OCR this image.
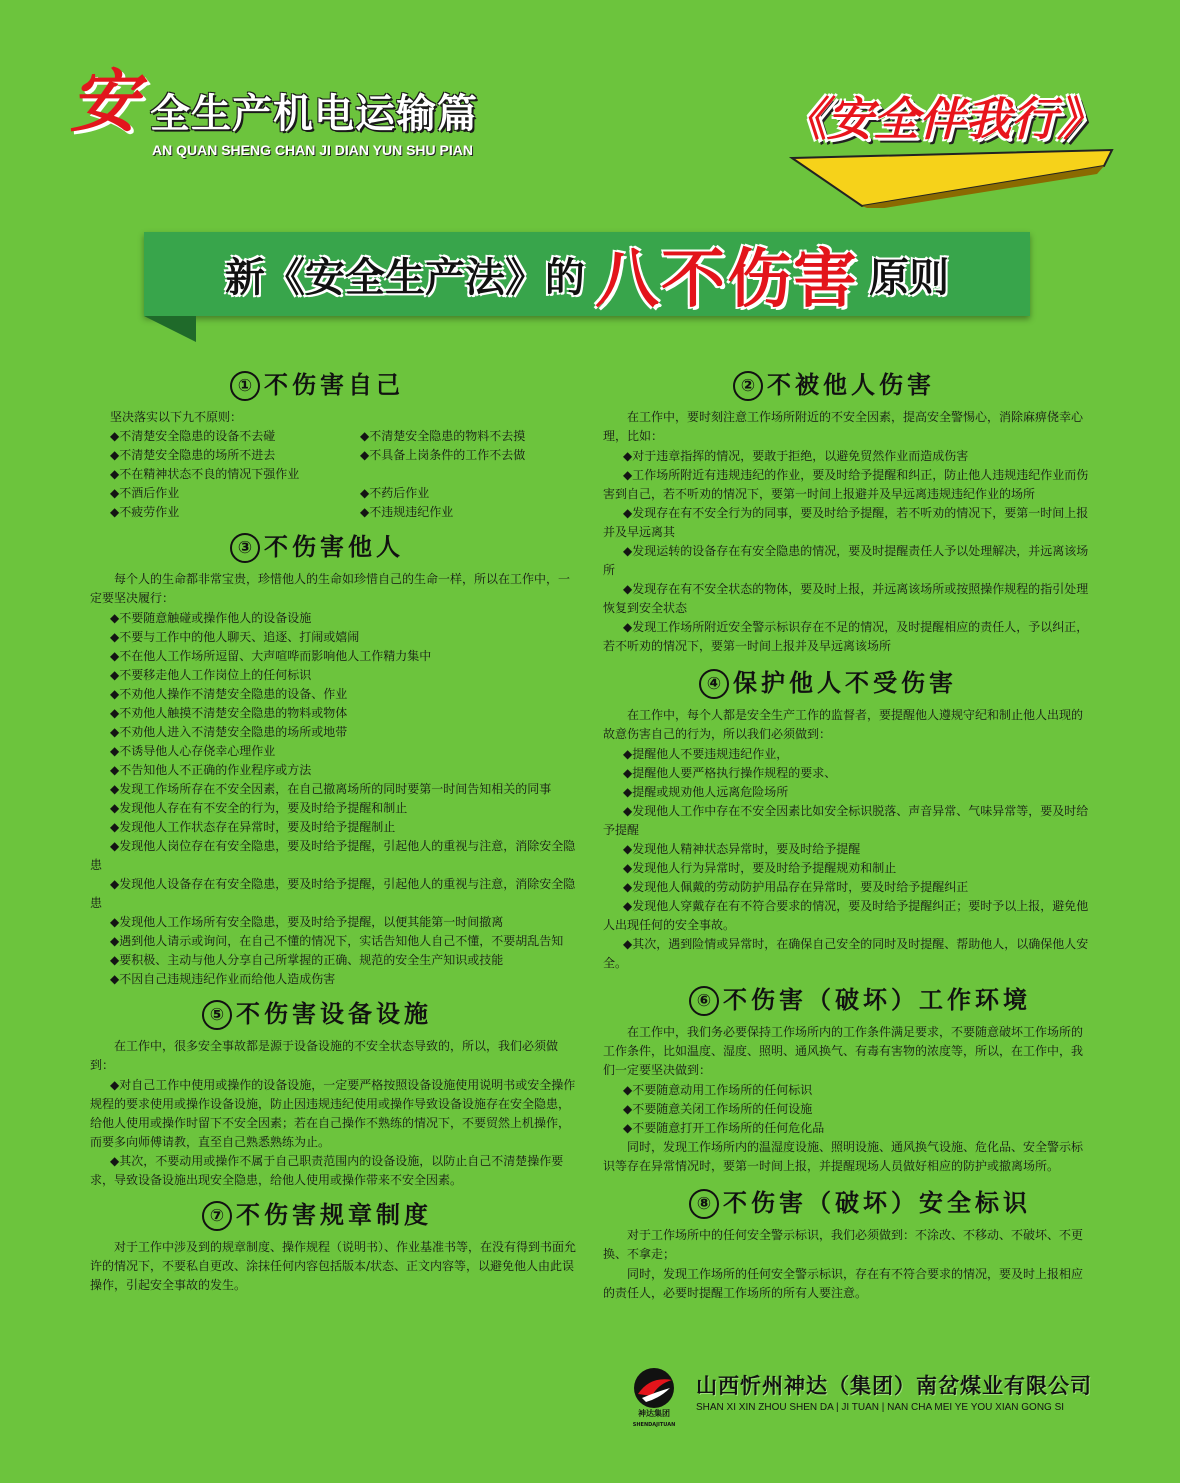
安 全生产机电运输篇
AN QUAN SHENG CHAN JI DIAN YUN SHU PIAN
《安全伴我行》
新《安全生产法》的 八不伤害 原则
① 不伤害自己

坚决落实以下九不原则：

◆不清楚安全隐患的设备不去碰	◆不清楚安全隐患的物料不去摸
◆不清楚安全隐患的场所不进去	◆不具备上岗条件的工作不去做
◆不在精神状态不良的情况下强作业
◆不酒后作业	◆不药后作业
◆不疲劳作业	◆不违规违纪作业
③ 不伤害他人

每个人的生命都非常宝贵，珍惜他人的生命如珍惜自己的生命一样，所以在工作中，一定要坚决履行：

◆不要随意触碰或操作他人的设备设施

◆不要与工作中的他人聊天、追逐、打闹或嬉闹

◆不在他人工作场所逗留、大声喧哗而影响他人工作精力集中

◆不要移走他人工作岗位上的任何标识

◆不劝他人操作不清楚安全隐患的设备、作业

◆不劝他人触摸不清楚安全隐患的物料或物体

◆不劝他人进入不清楚安全隐患的场所或地带

◆不诱导他人心存侥幸心理作业

◆不告知他人不正确的作业程序或方法

◆发现工作场所存在不安全因素，在自己撤离场所的同时要第一时间告知相关的同事

◆发现他人存在有不安全的行为，要及时给予提醒和制止

◆发现他人工作状态存在异常时，要及时给予提醒制止

◆发现他人岗位存在有安全隐患，要及时给予提醒，引起他人的重视与注意，消除安全隐患

◆发现他人设备存在有安全隐患，要及时给予提醒，引起他人的重视与注意，消除安全隐患

◆发现他人工作场所有安全隐患，要及时给予提醒，以便其能第一时间撤离

◆遇到他人请示或询问，在自己不懂的情况下，实话告知他人自己不懂，不要胡乱告知

◆要积极、主动与他人分享自己所掌握的正确、规范的安全生产知识或技能

◆不因自己违规违纪作业而给他人造成伤害

⑤ 不伤害设备设施

在工作中，很多安全事故都是源于设备设施的不安全状态导致的，所以，我们必须做到：

◆对自己工作中使用或操作的设备设施，一定要严格按照设备设施使用说明书或安全操作规程的要求使用或操作设备设施，防止因违规违纪使用或操作导致设备设施存在安全隐患，给他人使用或操作时留下不安全因素；若在自己操作不熟练的情况下，不要贸然上机操作，而要多向师傅请教，直至自己熟悉熟练为止。

◆其次，不要动用或操作不属于自己职责范围内的设备设施，以防止自己不清楚操作要求，导致设备设施出现安全隐患，给他人使用或操作带来不安全因素。

⑦ 不伤害规章制度

对于工作中涉及到的规章制度、操作规程（说明书）、作业基准书等，在没有得到书面允许的情况下，不要私自更改、涂抹任何内容包括版本/状态、正文内容等，以避免他人由此误操作，引起安全事故的发生。

② 不被他人伤害

在工作中，要时刻注意工作场所附近的不安全因素，提高安全警惕心，消除麻痹侥幸心理，比如：

◆对于违章指挥的情况，要敢于拒绝，以避免贸然作业而造成伤害

◆工作场所附近有违规违纪的作业，要及时给予提醒和纠正，防止他人违规违纪作业而伤害到自己，若不听劝的情况下，要第一时间上报避并及早远离违规违纪作业的场所

◆发现存在有不安全行为的同事，要及时给予提醒，若不听劝的情况下，要第一时间上报并及早远离其

◆发现运转的设备存在有安全隐患的情况，要及时提醒责任人予以处理解决，并远离该场所

◆发现存在有不安全状态的物体，要及时上报，并远离该场所或按照操作规程的指引处理恢复到安全状态

◆发现工作场所附近安全警示标识存在不足的情况，及时提醒相应的责任人，予以纠正，若不听劝的情况下，要第一时间上报并及早远离该场所

④ 保护他人不受伤害

在工作中，每个人都是安全生产工作的监督者，要提醒他人遵规守纪和制止他人出现的故意伤害自己的行为，所以我们必须做到：

◆提醒他人不要违规违纪作业，

◆提醒他人要严格执行操作规程的要求、

◆提醒或规劝他人远离危险场所

◆发现他人工作中存在不安全因素比如安全标识脱落、声音异常、气味异常等，要及时给予提醒

◆发现他人精神状态异常时，要及时给予提醒

◆发现他人行为异常时，要及时给予提醒规劝和制止

◆发现他人佩戴的劳动防护用品存在异常时，要及时给予提醒纠正

◆发现他人穿戴存在有不符合要求的情况，要及时给予提醒纠正；要时予以上报，避免他人出现任何的安全事故。

◆其次，遇到险情或异常时，在确保自己安全的同时及时提醒、帮助他人，以确保他人安全。

⑥ 不伤害（破坏）工作环境

在工作中，我们务必要保持工作场所内的工作条件满足要求，不要随意破坏工作场所的工作条件，比如温度、湿度、照明、通风换气、有毒有害物的浓度等，所以，在工作中，我们一定要坚决做到：

◆不要随意动用工作场所的任何标识

◆不要随意关闭工作场所的任何设施

◆不要随意打开工作场所的任何危化品

同时，发现工作场所内的温湿度设施、照明设施、通风换气设施、危化品、安全警示标识等存在异常情况时，要第一时间上报，并提醒现场人员做好相应的防护或撤离场所。

⑧ 不伤害（破坏）安全标识

对于工作场所中的任何安全警示标识，我们必须做到：不涂改、不移动、不破坏、不更换、不拿走；

同时，发现工作场所的任何安全警示标识，存在有不符合要求的情况，要及时上报相应的责任人，必要时提醒工作场所的所有人要注意。

神达集团
SHENDAJITUAN
山西忻州神达（集团）南岔煤业有限公司
SHAN XI XIN ZHOU SHEN DA | JI TUAN | NAN CHA MEI YE YOU XIAN GONG SI
